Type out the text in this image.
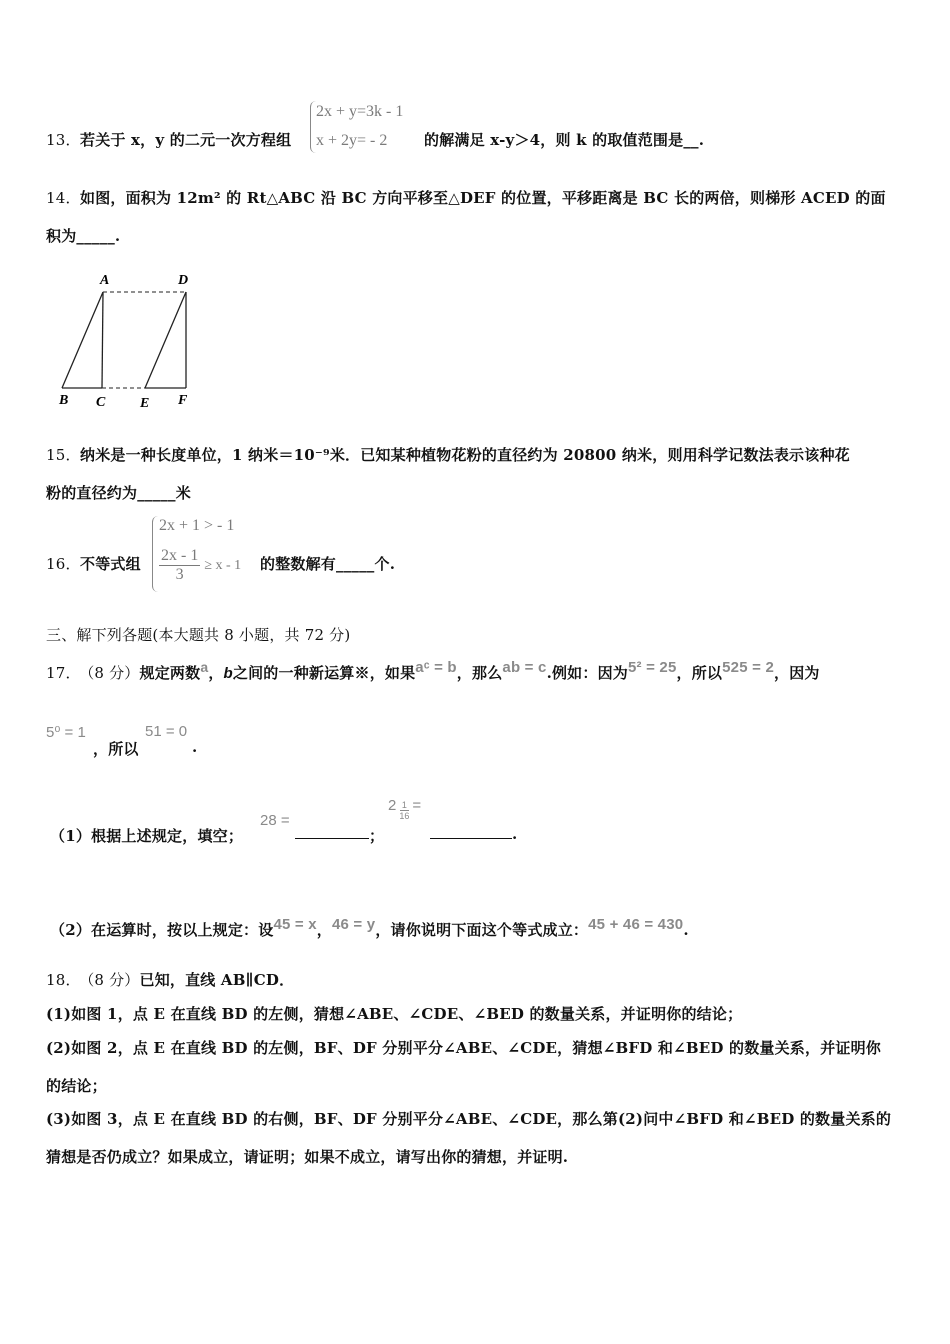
13． 若关于 x，y 的二元一次方程组
2x + y=3k - 1
x + 2y= - 2 的解满足 x-y＞4，则 k 的取值范围是__.
14． 如图，面积为 12m² 的 Rt△ABC 沿 BC 方向平移至△DEF 的位置，平移距离是 BC 长的两倍，则梯形 ACED 的面
积为_____.
A	D
B C E F
15． 纳米是一种长度单位，1 纳米＝10⁻⁹米．已知某种植物花粉的直径约为 20800 纳米，则用科学记数法表示该种花
粉的直径约为_____米
16． 不等式组
2x + 1 > - 1
$\frac{2x - 1}{3} \ge x - 1$ 的整数解有_____个.
三、解下列各题(本大题共 8 小题，共 72 分)
17． （8 分）规定两数a，b之间的一种新运算※，如果aᶜ = b，那么ab = c.例如：因为5² = 25，所以525 = 2，因为
5⁰ = 1
，所以
51 = 0
.
（1）根据上述规定，填空；
28 =
；
$2 \frac{1}{16}$ =
.
（2）在运算时，按以上规定：设45 = x，46 = y，请你说明下面这个等式成立：45 + 46 = 430.
18． （8 分）已知，直线 AB∥CD．
(1)如图 1，点 E 在直线 BD 的左侧，猜想∠ABE、∠CDE、∠BED 的数量关系，并证明你的结论；
(2)如图 2，点 E 在直线 BD 的左侧，BF、DF 分别平分∠ABE、∠CDE，猜想∠BFD 和∠BED 的数量关系，并证明你
的结论；
(3)如图 3，点 E 在直线 BD 的右侧，BF、DF 分别平分∠ABE、∠CDE，那么第(2)问中∠BFD 和∠BED 的数量关系的
猜想是否仍成立？如果成立，请证明；如果不成立，请写出你的猜想，并证明.
